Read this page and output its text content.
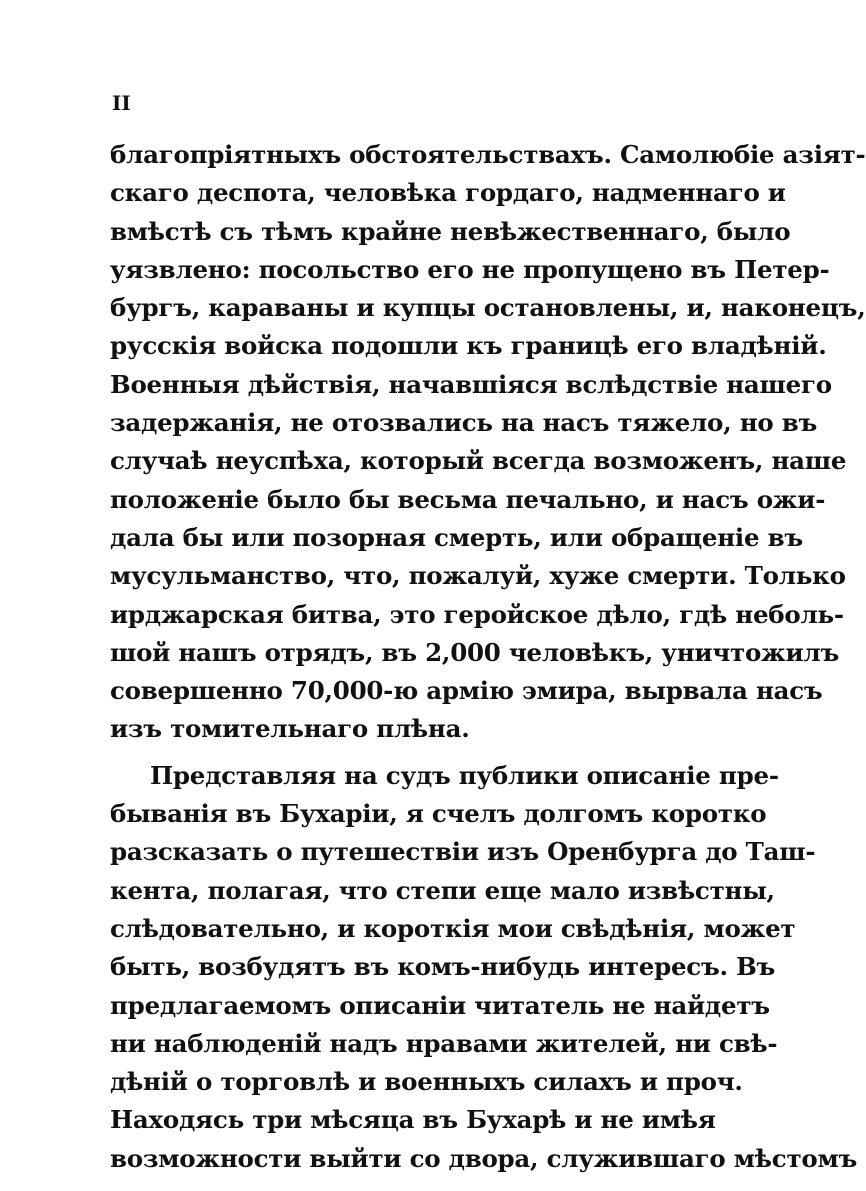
II
благопріятныхъ обстоятельствахъ. Самолюбіе азіят-
скаго деспота, человѣка гордаго, надменнаго и
вмѣстѣ съ тѣмъ крайне невѣжественнаго, было
уязвлено: посольство его не пропущено въ Петер-
бургъ, караваны и купцы остановлены, и, наконецъ,
русскія войска подошли къ границѣ его владѣній.
Военныя дѣйствія, начавшіяся вслѣдствіе нашего
задержанія, не отозвались на насъ тяжело, но въ
случаѣ неуспѣха, который всегда возможенъ, наше
положеніе было бы весьма печально, и насъ ожи-
дала бы или позорная смерть, или обращеніе въ
мусульманство, что, пожалуй, хуже смерти. Только
ирджарская битва, это геройское дѣло, гдѣ неболь-
шой нашъ отрядъ, въ 2,000 человѣкъ, уничтожилъ
совершенно 70,000-ю армію эмира, вырвала насъ
изъ томительнаго плѣна.
Представляя на судъ публики описаніе пре-
быванія въ Бухаріи, я счелъ долгомъ коротко
разсказать о путешествіи изъ Оренбурга до Таш-
кента, полагая, что степи еще мало извѣстны,
слѣдовательно, и короткія мои свѣдѣнія, может
быть, возбудятъ въ комъ-нибудь интересъ. Въ
предлагаемомъ описаніи читатель не найдетъ
ни наблюденій надъ нравами жителей, ни свѣ-
дѣній о торговлѣ и военныхъ силахъ и проч.
Находясь три мѣсяца въ Бухарѣ и не имѣя
возможности выйти со двора, служившаго мѣстомъ
